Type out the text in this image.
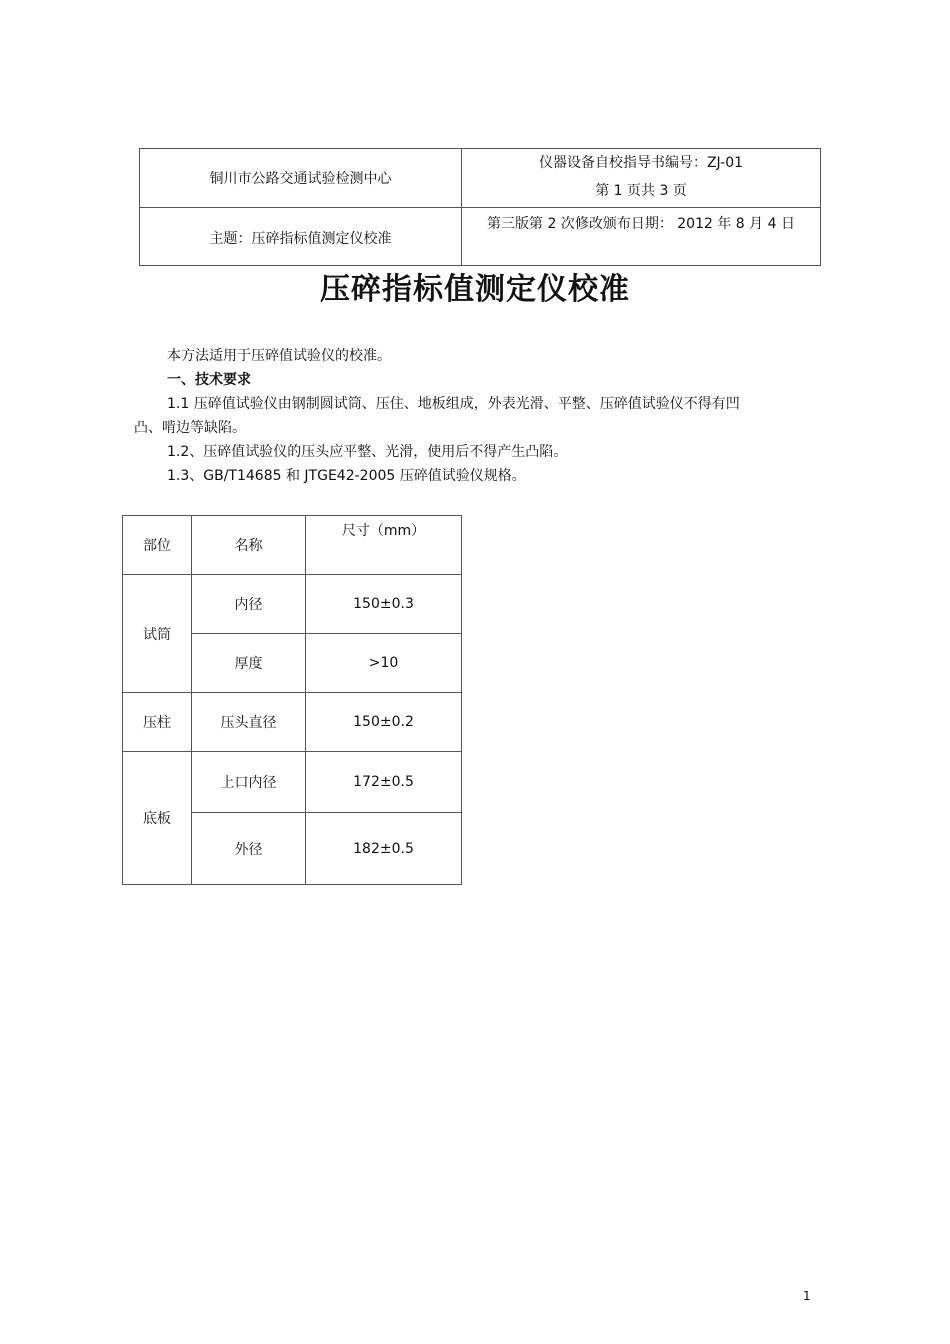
铜川市公路交通试验检测中心	仪器设备自校指导书编号：ZJ-01
第 1 页共 3 页

主题：压碎指标值测定仪校准	第三版第 2 次修改颁布日期： 2012 年 8 月 4 日
压碎指标值测定仪校准

本方法适用于压碎值试验仪的校准。

一、技术要求

1.1 压碎值试验仪由钢制圆试筒、压住、地板组成，外表光滑、平整、压碎值试验仪不得有凹

凸、啃边等缺陷。

1.2、压碎值试验仪的压头应平整、光滑，使用后不得产生凸陷。

1.3、GB/T14685 和 JTGE42-2005 压碎值试验仪规格。

部位	名称	尺寸（mm）
试筒	内径	150±0.3
	厚度	>10
压柱	压头直径	150±0.2
底板	上口内径	172±0.5
	外径	182±0.5
1
